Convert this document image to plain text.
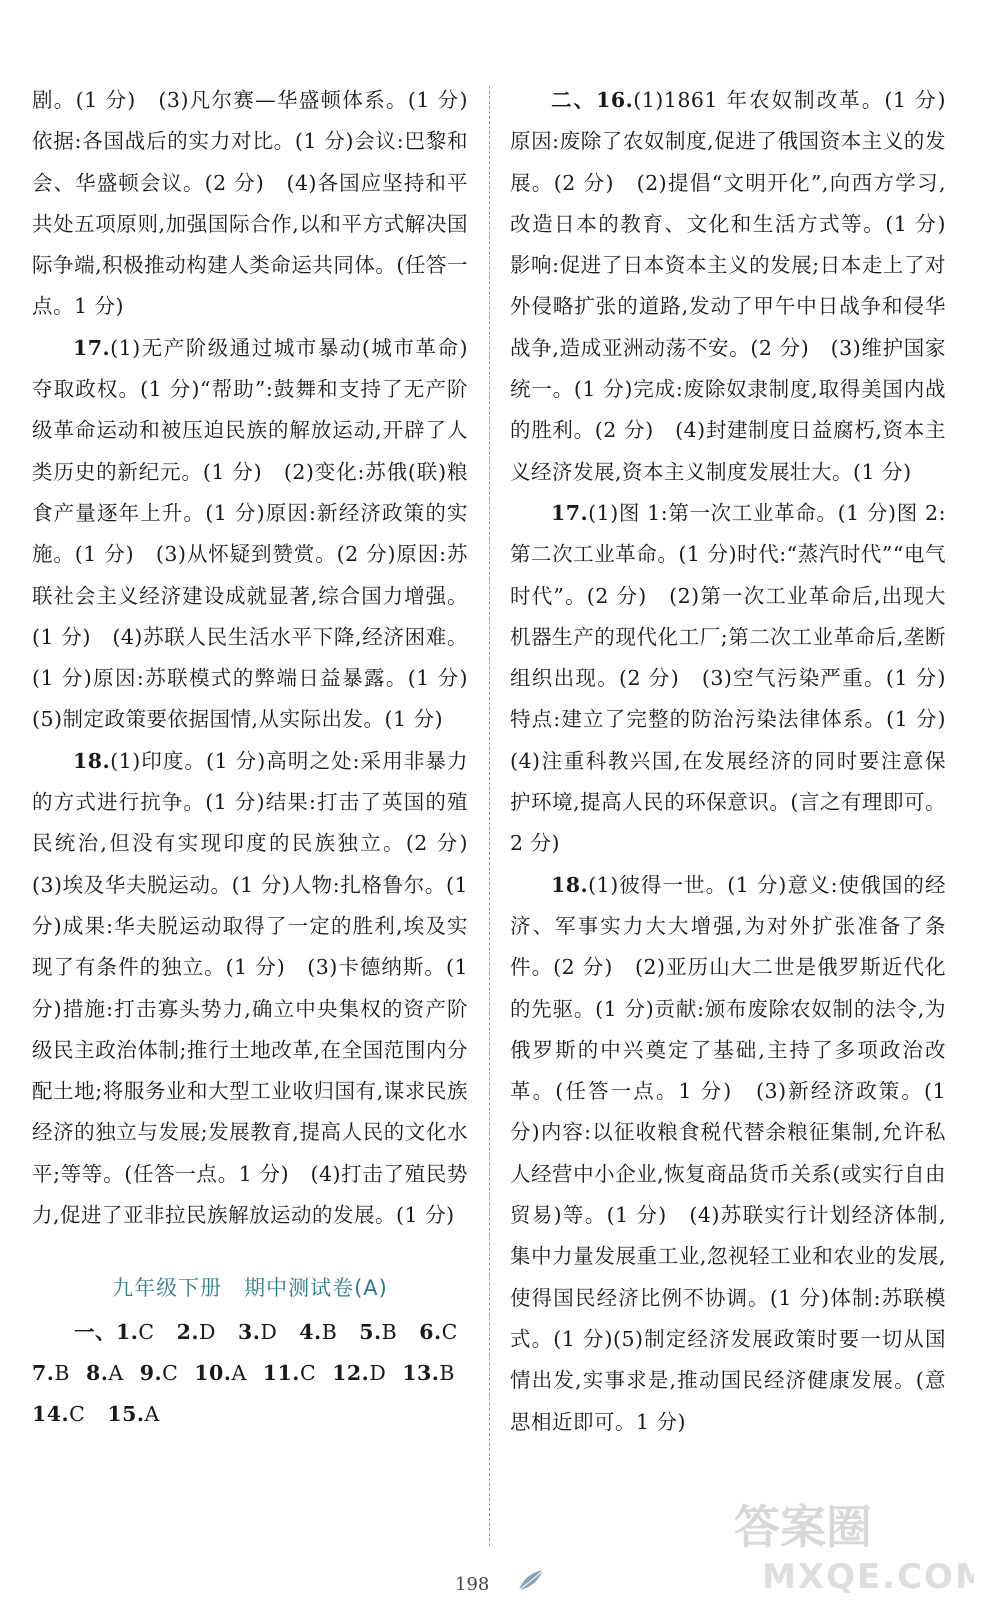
剧。(1 分)　(3)凡尔赛—华盛顿体系。(1 分)依据:各国战后的实力对比。(1 分)会议:巴黎和会、华盛顿会议。(2 分)　(4)各国应坚持和平共处五项原则,加强国际合作,以和平方式解决国际争端,积极推动构建人类命运共同体。(任答一点。1 分)

17.(1)无产阶级通过城市暴动(城市革命)夺取政权。(1 分)“帮助”:鼓舞和支持了无产阶级革命运动和被压迫民族的解放运动,开辟了人类历史的新纪元。(1 分)　(2)变化:苏俄(联)粮食产量逐年上升。(1 分)原因:新经济政策的实施。(1 分)　(3)从怀疑到赞赏。(2 分)原因:苏联社会主义经济建设成就显著,综合国力增强。(1 分)　(4)苏联人民生活水平下降,经济困难。(1 分)原因:苏联模式的弊端日益暴露。(1 分)(5)制定政策要依据国情,从实际出发。(1 分)

18.(1)印度。(1 分)高明之处:采用非暴力的方式进行抗争。(1 分)结果:打击了英国的殖民统治,但没有实现印度的民族独立。(2 分)　(3)埃及华夫脱运动。(1 分)人物:扎格鲁尔。(1 分)成果:华夫脱运动取得了一定的胜利,埃及实现了有条件的独立。(1 分)　(3)卡德纳斯。(1 分)措施:打击寡头势力,确立中央集权的资产阶级民主政治体制;推行土地改革,在全国范围内分配土地;将服务业和大型工业收归国有,谋求民族经济的独立与发展;发展教育,提高人民的文化水平;等等。(任答一点。1 分)　(4)打击了殖民势力,促进了亚非拉民族解放运动的发展。(1 分)

九年级下册　期中测试卷(A)
一、 1.C 2.D 3.D 4.B 5.B 6.C
7.B 8.A 9.C 10.A 11.C 12.D 13.B
14.C 15.A

二、16.(1)1861 年农奴制改革。(1 分)原因:废除了农奴制度,促进了俄国资本主义的发展。(2 分)　(2)提倡“文明开化”,向西方学习,改造日本的教育、文化和生活方式等。(1 分)影响:促进了日本资本主义的发展;日本走上了对外侵略扩张的道路,发动了甲午中日战争和侵华战争,造成亚洲动荡不安。(2 分)　(3)维护国家统一。(1 分)完成:废除奴隶制度,取得美国内战的胜利。(2 分)　(4)封建制度日益腐朽,资本主义经济发展,资本主义制度发展壮大。(1 分)

17.(1)图 1:第一次工业革命。(1 分)图 2:第二次工业革命。(1 分)时代:“蒸汽时代”“电气时代”。(2 分)　(2)第一次工业革命后,出现大机器生产的现代化工厂;第二次工业革命后,垄断组织出现。(2 分)　(3)空气污染严重。(1 分)特点:建立了完整的防治污染法律体系。(1 分)　(4)注重科教兴国,在发展经济的同时要注意保护环境,提高人民的环保意识。(言之有理即可。2 分)

18.(1)彼得一世。(1 分)意义:使俄国的经济、军事实力大大增强,为对外扩张准备了条件。(2 分)　(2)亚历山大二世是俄罗斯近代化的先驱。(1 分)贡献:颁布废除农奴制的法令,为俄罗斯的中兴奠定了基础,主持了多项政治改革。(任答一点。1 分)　(3)新经济政策。(1 分)内容:以征收粮食税代替余粮征集制,允许私人经营中小企业,恢复商品货币关系(或实行自由贸易)等。(1 分)　(4)苏联实行计划经济体制,集中力量发展重工业,忽视轻工业和农业的发展,使得国民经济比例不协调。(1 分)体制:苏联模式。(1 分)(5)制定经济发展政策时要一切从国情出发,实事求是,推动国民经济健康发展。(意思相近即可。1 分)

198
答案圈
MXQE.COM
